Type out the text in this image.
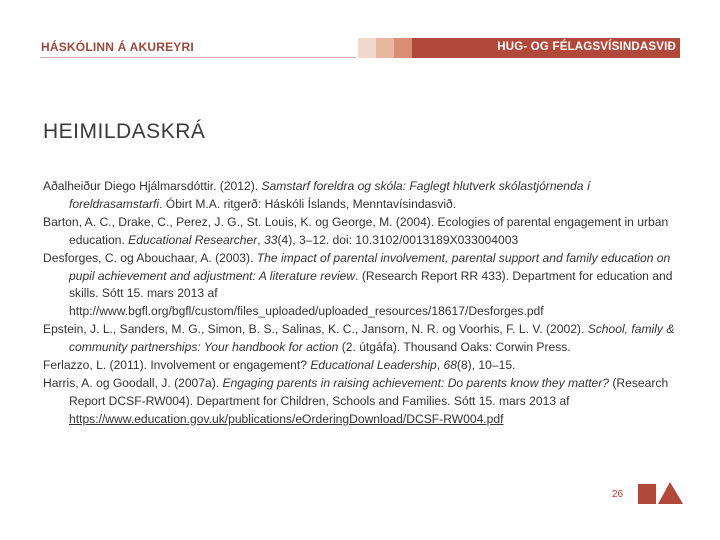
HÁSKÓLINN Á AKUREYRI	HUG- OG FÉLAGSVÍSINDASVIÐ
HEIMILDASKRÁ

Aðalheiður Diego Hjálmarsdóttir. (2012). Samstarf foreldra og skóla: Faglegt hlutverk skólastjórnenda í foreldrasamstarfi. Óbirt M.A. ritgerð: Háskóli Íslands, Menntavísindasvið.

Barton, A. C., Drake, C., Perez, J. G., St. Louis, K. og George, M. (2004). Ecologies of parental engagement in urban education. Educational Researcher, 33(4), 3–12. doi: 10.3102/0013189X033004003

Desforges, C. og Abouchaar, A. (2003). The impact of parental involvement, parental support and family education on pupil achievement and adjustment: A literature review. (Research Report RR 433). Department for education and skills. Sótt 15. mars 2013 af http://www.bgfl.org/bgfl/custom/files_uploaded/uploaded_resources/18617/Desforges.pdf

Epstein, J. L., Sanders, M. G., Simon, B. S., Salinas, K. C., Jansorn, N. R. og Voorhis, F. L. V. (2002). School, family & community partnerships: Your handbook for action (2. útgáfa). Thousand Oaks: Corwin Press.

Ferlazzo, L. (2011). Involvement or engagement? Educational Leadership, 68(8), 10–15.

Harris, A. og Goodall, J. (2007a). Engaging parents in raising achievement: Do parents know they matter? (Research Report DCSF-RW004). Department for Children, Schools and Families. Sótt 15. mars 2013 af https://www.education.gov.uk/publications/eOrderingDownload/DCSF-RW004.pdf

26
